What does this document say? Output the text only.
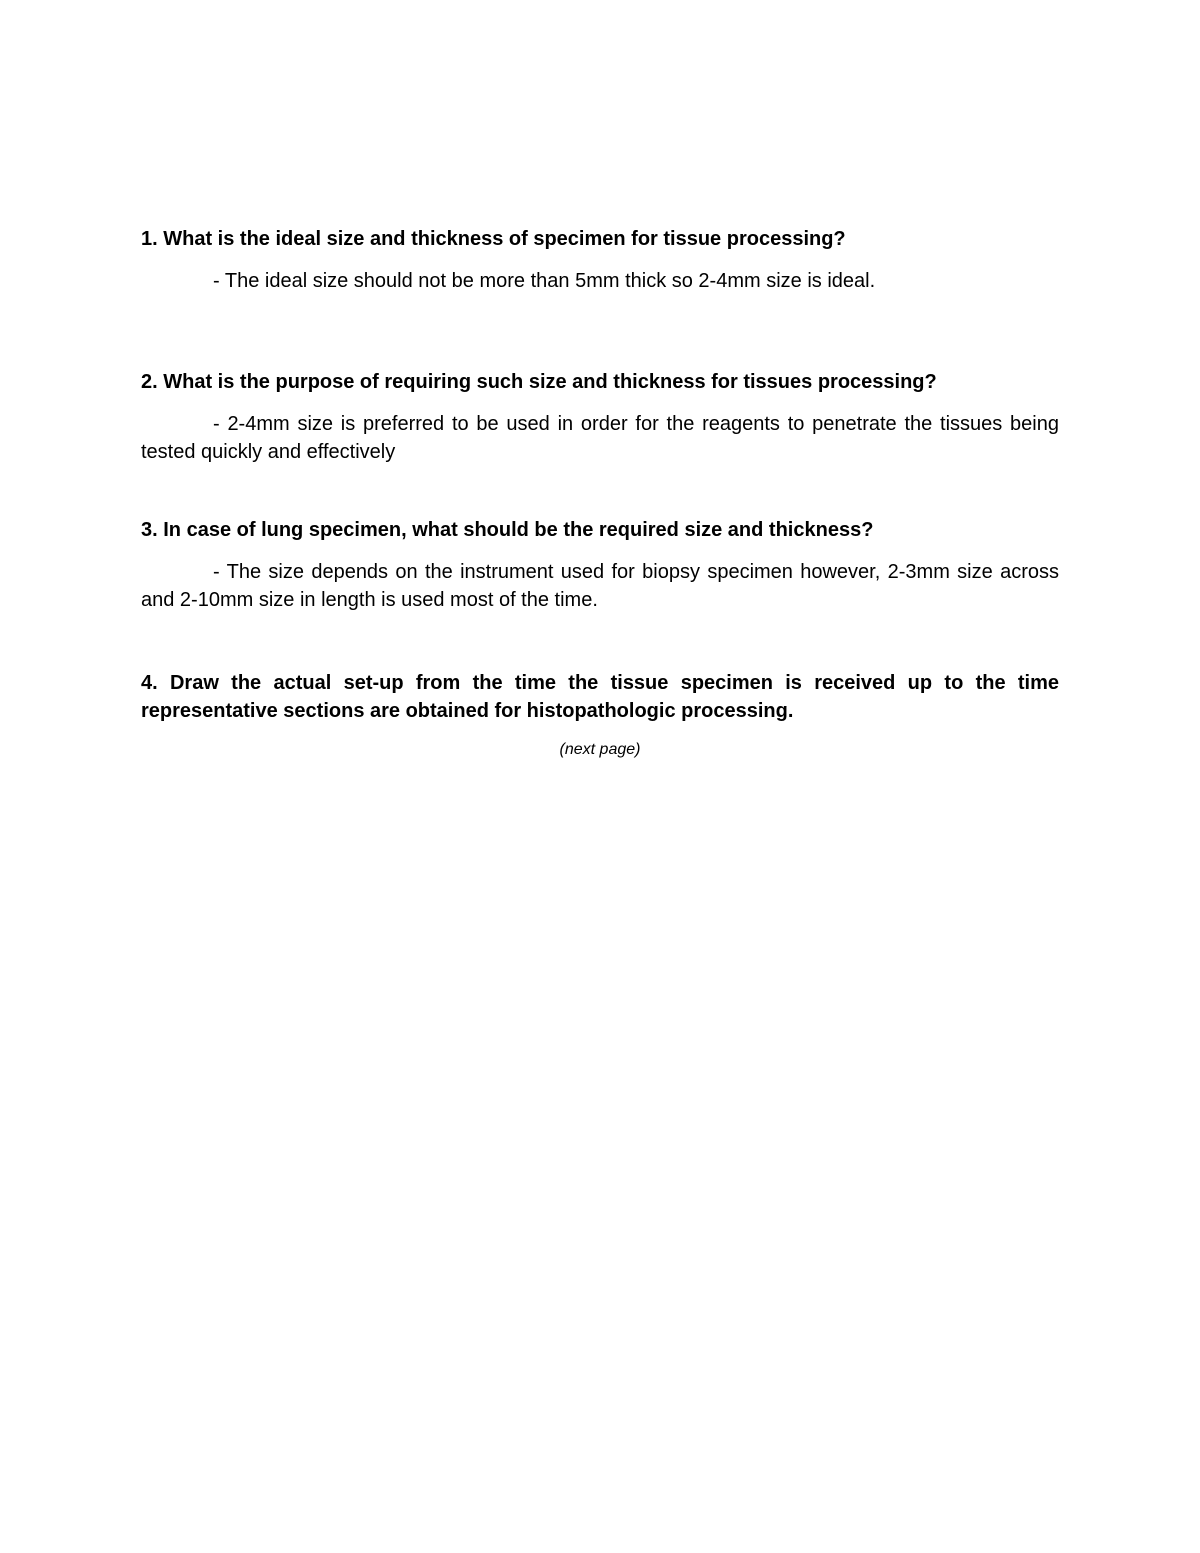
1. What is the ideal size and thickness of specimen for tissue processing?

- The ideal size should not be more than 5mm thick so 2-4mm size is ideal.

2. What is the purpose of requiring such size and thickness for tissues processing?

- 2-4mm size is preferred to be used in order for the reagents to penetrate the tissues being tested quickly and effectively

3. In case of lung specimen, what should be the required size and thickness?

- The size depends on the instrument used for biopsy specimen however, 2-3mm size across and 2-10mm size in length is used most of the time.

4. Draw the actual set-up from the time the tissue specimen is received up to the time representative sections are obtained for histopathologic processing.

(next page)
